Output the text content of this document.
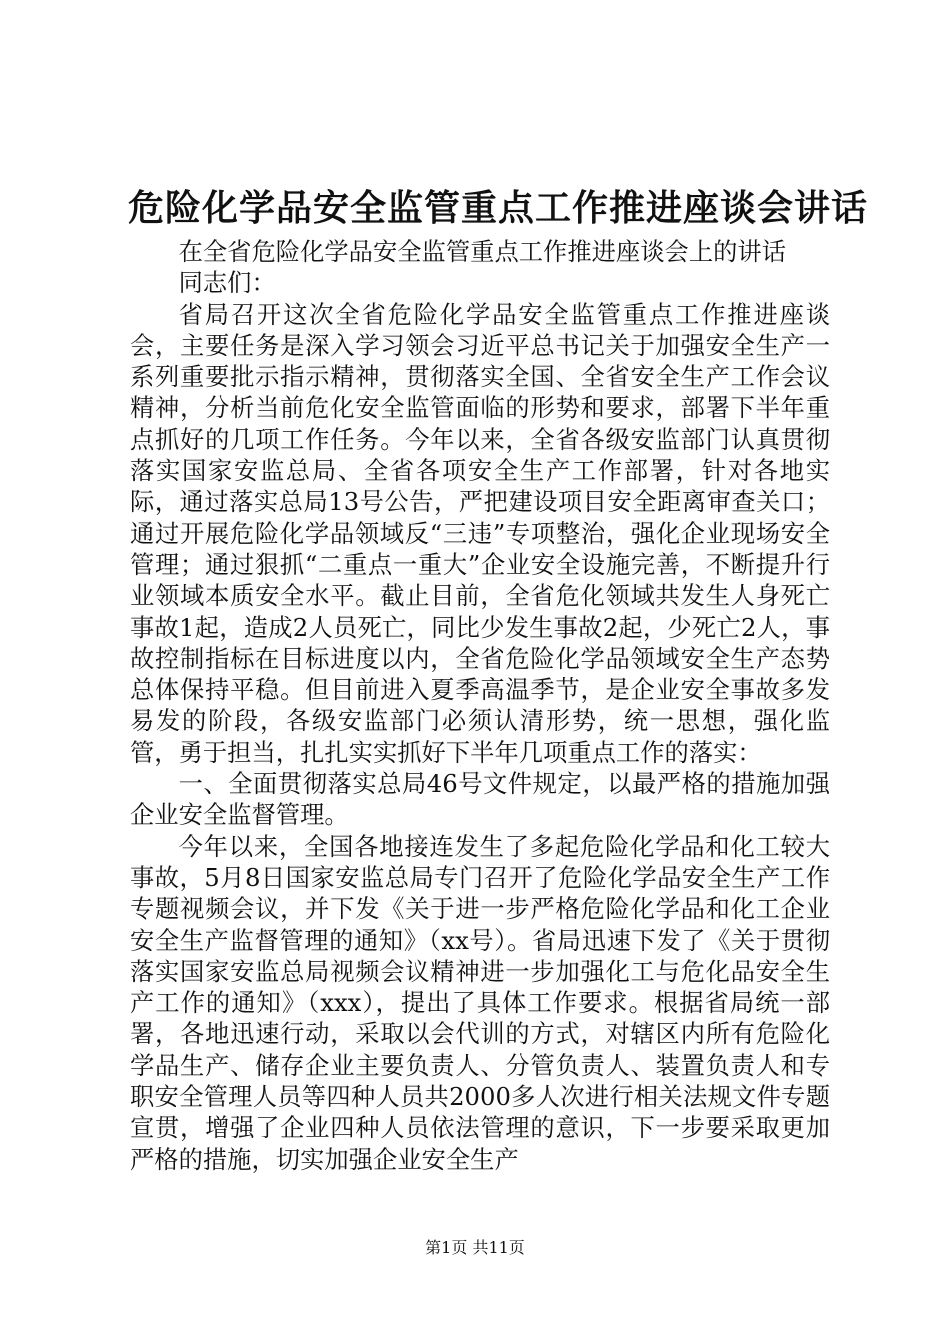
危险化学品安全监管重点工作推进座谈会讲话

在全省危险化学品安全监管重点工作推进座谈会上的讲话

同志们：

省局召开这次全省危险化学品安全监管重点工作推进座谈会，主要任务是深入学习领会习近平总书记关于加强安全生产一系列重要批示指示精神，贯彻落实全国、全省安全生产工作会议精神，分析当前危化安全监管面临的形势和要求，部署下半年重点抓好的几项工作任务。今年以来，全省各级安监部门认真贯彻落实国家安监总局、全省各项安全生产工作部署，针对各地实际，通过落实总局13号公告，严把建设项目安全距离审查关口；通过开展危险化学品领域反“三违”专项整治，强化企业现场安全管理；通过狠抓“二重点一重大”企业安全设施完善，不断提升行业领域本质安全水平。截止目前，全省危化领域共发生人身死亡事故1起，造成2人员死亡，同比少发生事故2起，少死亡2人，事故控制指标在目标进度以内，全省危险化学品领域安全生产态势总体保持平稳。但目前进入夏季高温季节，是企业安全事故多发易发的阶段，各级安监部门必须认清形势，统一思想，强化监管，勇于担当，扎扎实实抓好下半年几项重点工作的落实：

一、全面贯彻落实总局46号文件规定，以最严格的措施加强企业安全监督管理。

今年以来，全国各地接连发生了多起危险化学品和化工较大事故，5月8日国家安监总局专门召开了危险化学品安全生产工作专题视频会议，并下发《关于进一步严格危险化学品和化工企业安全生产监督管理的通知》（xx号）。省局迅速下发了《关于贯彻落实国家安监总局视频会议精神进一步加强化工与危化品安全生产工作的通知》（xxx），提出了具体工作要求。根据省局统一部署，各地迅速行动，采取以会代训的方式，对辖区内所有危险化学品生产、储存企业主要负责人、分管负责人、装置负责人和专职安全管理人员等四种人员共2000多人次进行相关法规文件专题宣贯，增强了企业四种人员依法管理的意识，下一步要采取更加严格的措施，切实加强企业安全生产

第1页 共11页
